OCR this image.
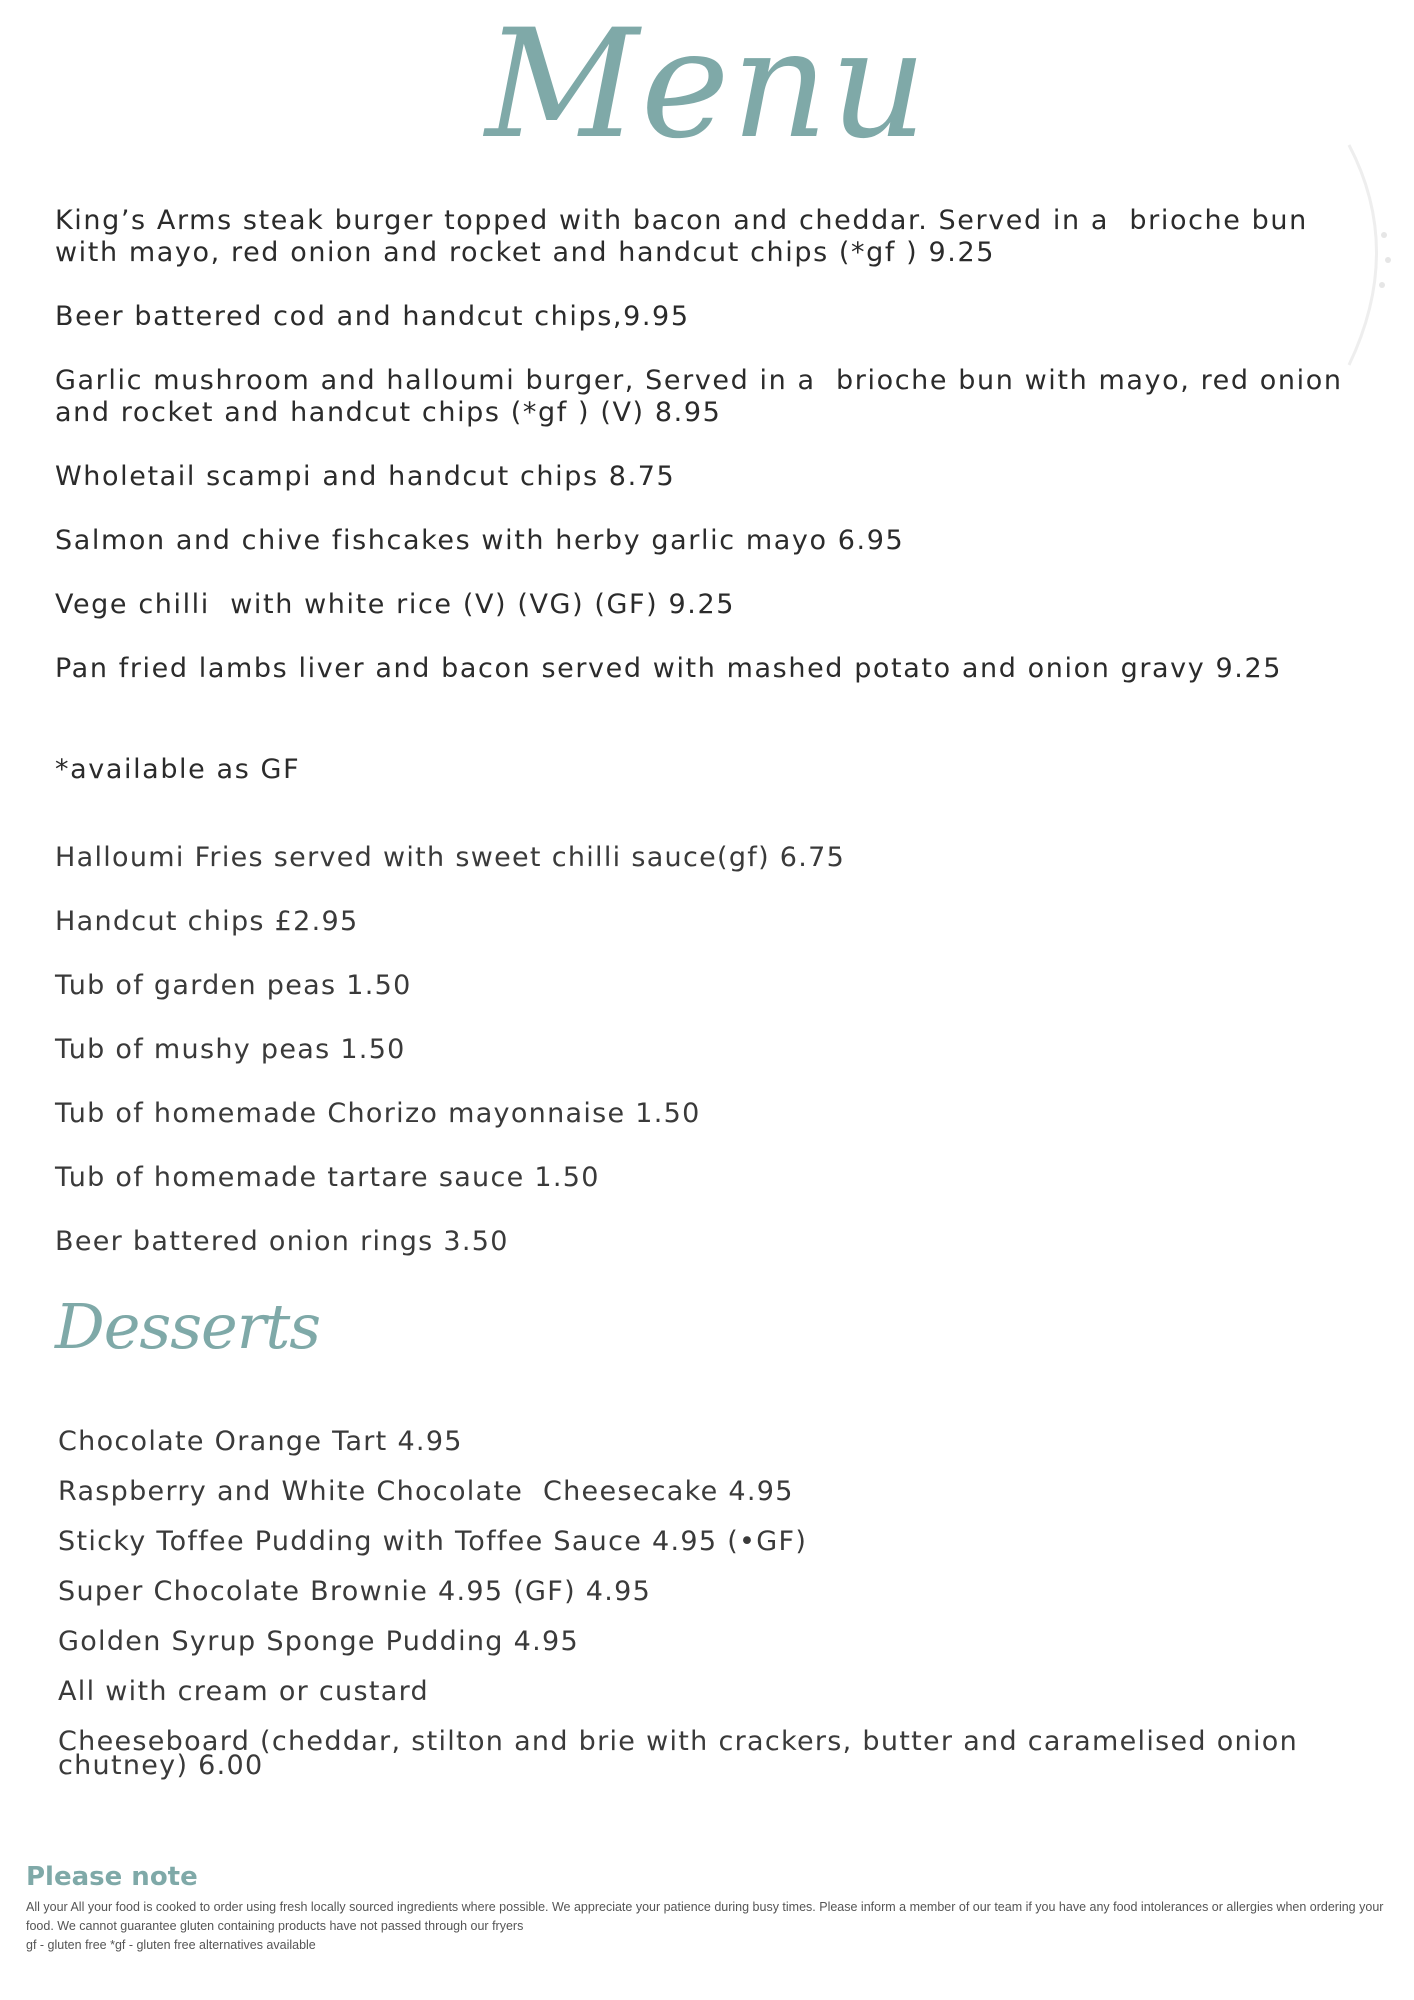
Menu
King’s Arms steak burger topped with bacon and cheddar. Served in a  brioche bun with mayo, red onion and rocket and handcut chips (*gf ) 9.25
Beer battered cod and handcut chips,9.95
Garlic mushroom and halloumi burger, Served in a  brioche bun with mayo, red onion and rocket and handcut chips (*gf ) (V) 8.95
Wholetail scampi and handcut chips 8.75
Salmon and chive fishcakes with herby garlic mayo 6.95
Vege chilli  with white rice (V) (VG) (GF) 9.25
Pan fried lambs liver and bacon served with mashed potato and onion gravy 9.25
*available as GF
Halloumi Fries served with sweet chilli sauce(gf) 6.75
Handcut chips £2.95
Tub of garden peas 1.50
Tub of mushy peas 1.50
Tub of homemade Chorizo mayonnaise 1.50
Tub of homemade tartare sauce 1.50
Beer battered onion rings 3.50
Desserts
Chocolate Orange Tart 4.95
Raspberry and White Chocolate  Cheesecake 4.95
Sticky Toffee Pudding with Toffee Sauce 4.95 (•GF)
Super Chocolate Brownie 4.95 (GF) 4.95
Golden Syrup Sponge Pudding 4.95
All with cream or custard
Cheeseboard (cheddar, stilton and brie with crackers, butter and caramelised onion chutney) 6.00
Please note
All your All your food is cooked to order using fresh locally sourced ingredients where possible. We appreciate your patience during busy times. Please inform a member of our team if you have any food intolerances or allergies when ordering your food. We cannot guarantee gluten containing products have not passed through our fryers
gf - gluten free *gf - gluten free alternatives available
